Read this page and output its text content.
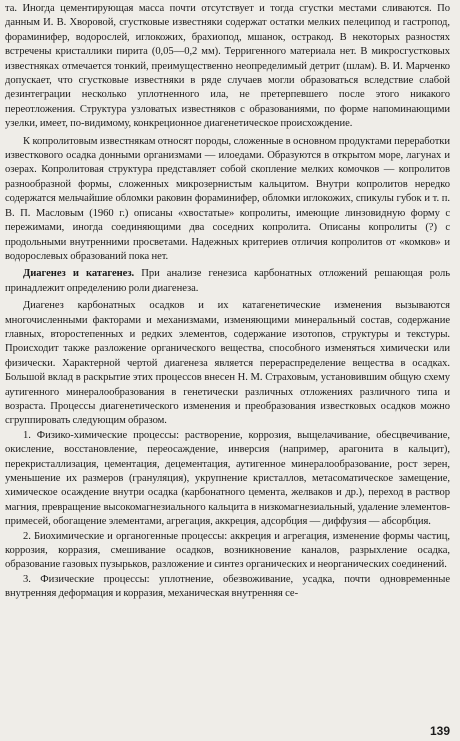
та. Иногда цементирующая масса почти отсутствует и тогда сгустки местами сливаются. По данным И. В. Хворовой, сгустковые известняки содержат остатки мелких пелеципод и гастропод, фораминифер, водорослей, иглокожих, брахиопод, мшанок, остракод. В некоторых разностях встречены кристаллики пирита (0,05—0,2 мм). Терригенного материала нет. В микросгустковых известняках отмечается тонкий, преимущественно неопределимый детрит (шлам). В. И. Марченко допускает, что сгустковые известняки в ряде случаев могли образоваться вследствие слабой дезинтеграции несколько уплотненного ила, не претерпевшего после этого никакого переотложения. Структура узловатых известняков с образованиями, по форме напоминающими узелки, имеет, по-видимому, конкреционное диагенетическое происхождение.

К копролитовым известнякам относят породы, сложенные в основном продуктами переработки известкового осадка донными организмами — илоедами. Образуются в открытом море, лагунах и озерах. Копролитовая структура представляет собой скопление мелких комочков — копролитов разнообразной формы, сложенных микрозернистым кальцитом. Внутри копролитов нередко содержатся мельчайшие обломки раковин фораминифер, обломки иглокожих, спикулы губок и т. п. В. П. Масловым (1960 г.) описаны «хвостатые» копролиты, имеющие линзовидную форму с пережимами, иногда соединяющими два соседних копролита. Описаны копролиты (?) с продольными внутренними просветами. Надежных критериев отличия копролитов от «комков» и водорослевых образований пока нет.

Диагенез и катагенез. При анализе генезиса карбонатных отложений решающая роль принадлежит определению роли диагенеза.

Диагенез карбонатных осадков и их катагенетические изменения вызываются многочисленными факторами и механизмами, изменяющими минеральный состав, содержание главных, второстепенных и редких элементов, содержание изотопов, структуры и текстуры. Происходит также разложение органического вещества, способного изменяться химически или физически. Характерной чертой диагенеза является перераспределение вещества в осадках. Большой вклад в раскрытие этих процессов внесен Н. М. Страховым, установившим общую схему аутигенного минералообразования в генетически различных отложениях различного типа и возраста. Процессы диагенетического изменения и преобразования известковых осадков можно сгруппировать следующим образом.

1. Физико-химические процессы: растворение, коррозия, выщелачивание, обесцвечивание, окисление, восстановление, переосаждение, инверсия (например, арагонита в кальцит), перекристаллизация, цементация, децементация, аутигенное минералообразование, рост зерен, уменьшение их размеров (грануляция), укрупнение кристаллов, метасоматическое замещение, химическое осаждение внутри осадка (карбонатного цемента, желваков и др.), переход в раствор магния, превращение высокомагнезиального кальцита в низкомагнезиальный, удаление элементов-примесей, обогащение элементами, агрегация, аккреция, адсорбция — диффузия — абсорбция.

2. Биохимические и органогенные процессы: аккреция и агрегация, изменение формы частиц, коррозия, корразия, смешивание осадков, возникновение каналов, разрыхление осадка, образование газовых пузырьков, разложение и синтез органических и неорганических соединений.

3. Физические процессы: уплотнение, обезвоживание, усадка, почти одновременные внутренняя деформация и корразия, механическая внутренняя се-

139
